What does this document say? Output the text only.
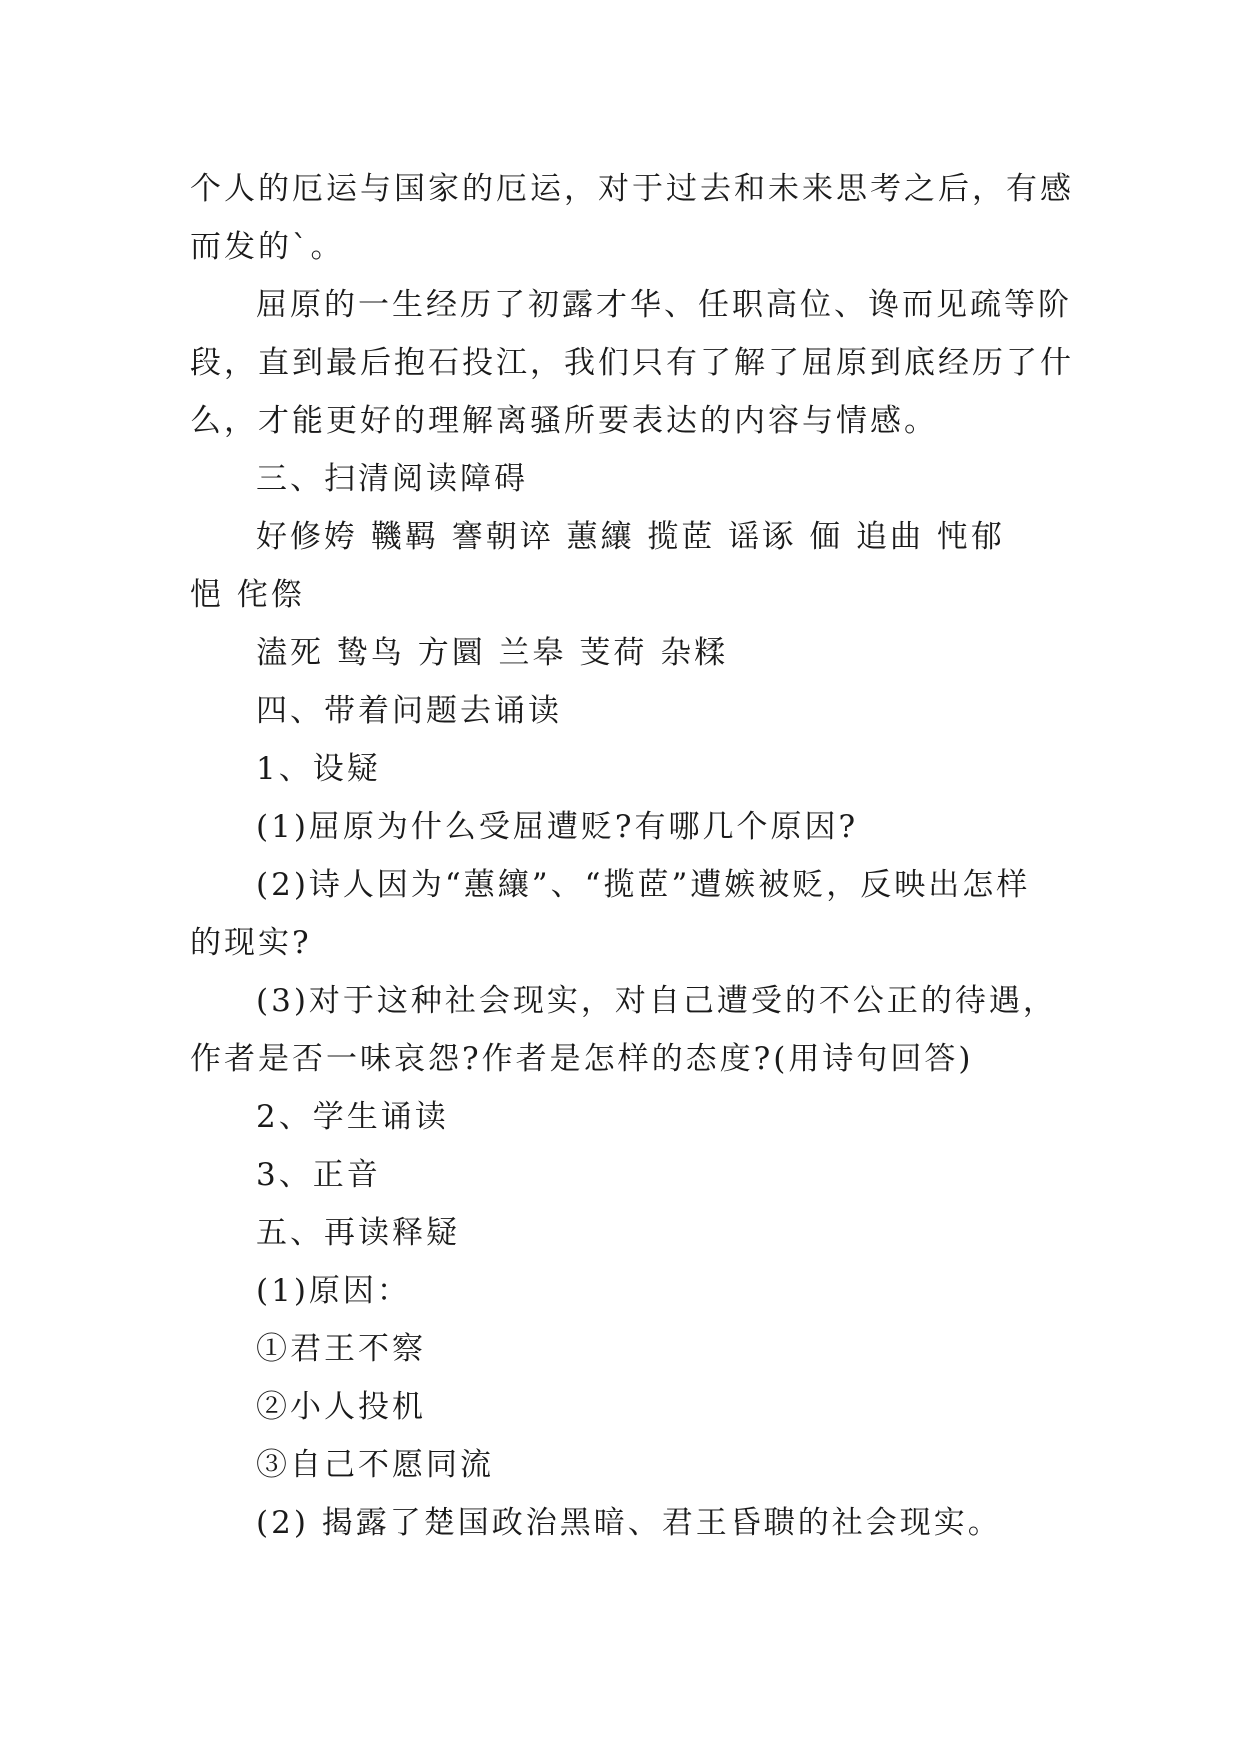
个人的厄运与国家的厄运，对于过去和未来思考之后，有感
而发的`。
屈原的一生经历了初露才华、任职高位、谗而见疏等阶
段，直到最后抱石投江，我们只有了解了屈原到底经历了什
么，才能更好的理解离骚所要表达的内容与情感。
三、扫清阅读障碍
好修姱 鞿羁 謇朝谇 蕙纕 揽茝 谣诼 偭 追曲 忳郁
悒 侘傺
溘死 鸷鸟 方圜 兰皋 芰荷 杂糅
四、带着问题去诵读
1、设疑
(1)屈原为什么受屈遭贬?有哪几个原因?
(2)诗人因为“蕙纕”、“揽茝”遭嫉被贬，反映出怎样
的现实?
(3)对于这种社会现实，对自己遭受的不公正的待遇，
作者是否一味哀怨?作者是怎样的态度?(用诗句回答)
2、学生诵读
3、正音
五、再读释疑
(1)原因：
①君王不察
②小人投机
③自己不愿同流
(2) 揭露了楚国政治黑暗、君王昏聩的社会现实。
